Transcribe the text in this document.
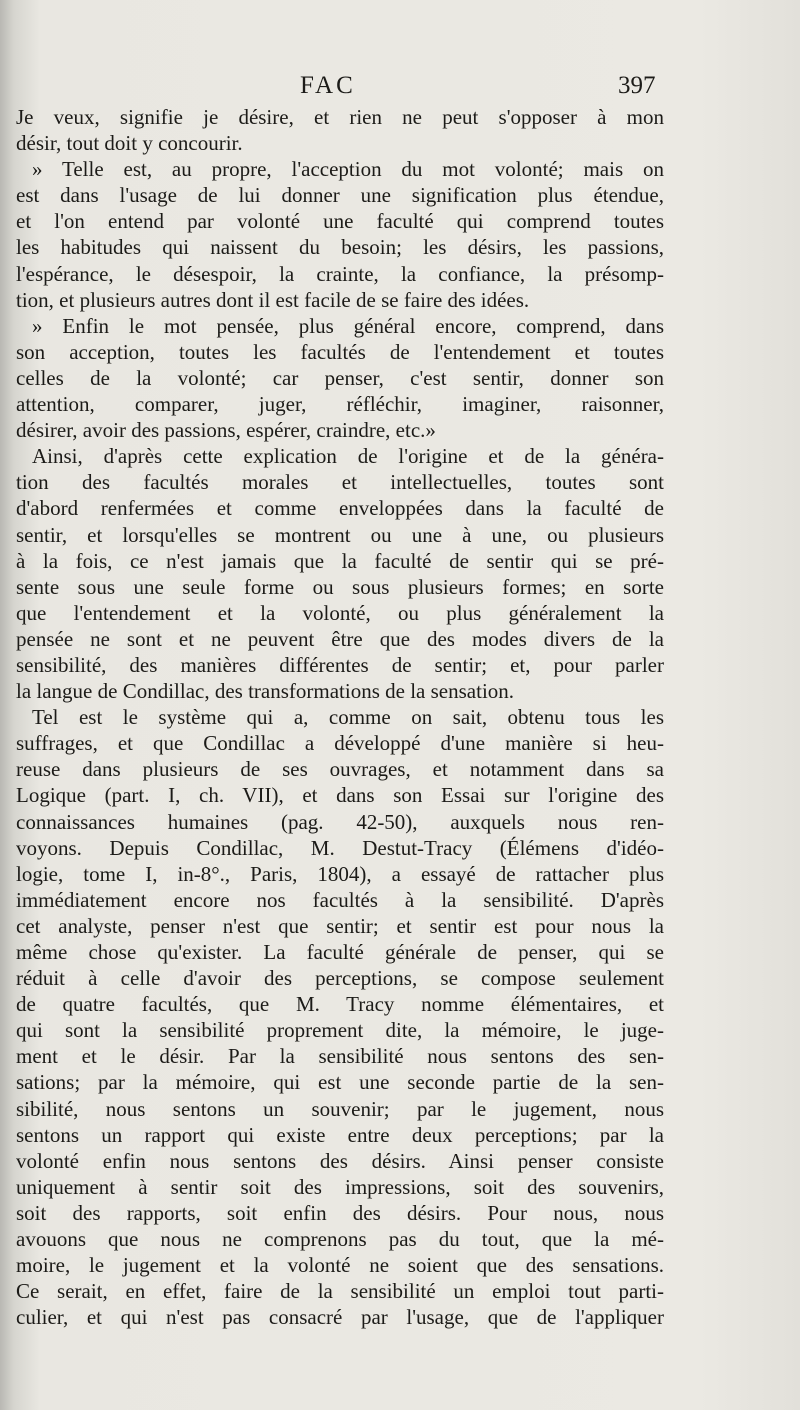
FAC	397
Je veux, signifie je désire, et rien ne peut s'opposer à mon
désir, tout doit y concourir.
» Telle est, au propre, l'acception du mot volonté; mais on
est dans l'usage de lui donner une signification plus étendue,
et l'on entend par volonté une faculté qui comprend toutes
les habitudes qui naissent du besoin; les désirs, les passions,
l'espérance, le désespoir, la crainte, la confiance, la présomp-
tion, et plusieurs autres dont il est facile de se faire des idées.
» Enfin le mot pensée, plus général encore, comprend, dans
son acception, toutes les facultés de l'entendement et toutes
celles de la volonté; car penser, c'est sentir, donner son
attention, comparer, juger, réfléchir, imaginer, raisonner,
désirer, avoir des passions, espérer, craindre, etc.»
Ainsi, d'après cette explication de l'origine et de la généra-
tion des facultés morales et intellectuelles, toutes sont
d'abord renfermées et comme enveloppées dans la faculté de
sentir, et lorsqu'elles se montrent ou une à une, ou plusieurs
à la fois, ce n'est jamais que la faculté de sentir qui se pré-
sente sous une seule forme ou sous plusieurs formes; en sorte
que l'entendement et la volonté, ou plus généralement la
pensée ne sont et ne peuvent être que des modes divers de la
sensibilité, des manières différentes de sentir; et, pour parler
la langue de Condillac, des transformations de la sensation.
Tel est le système qui a, comme on sait, obtenu tous les
suffrages, et que Condillac a développé d'une manière si heu-
reuse dans plusieurs de ses ouvrages, et notamment dans sa
Logique (part. I, ch. VII), et dans son Essai sur l'origine des
connaissances humaines (pag. 42-50), auxquels nous ren-
voyons. Depuis Condillac, M. Destut-Tracy (Élémens d'idéo-
logie, tome I, in-8°., Paris, 1804), a essayé de rattacher plus
immédiatement encore nos facultés à la sensibilité. D'après
cet analyste, penser n'est que sentir; et sentir est pour nous la
même chose qu'exister. La faculté générale de penser, qui se
réduit à celle d'avoir des perceptions, se compose seulement
de quatre facultés, que M. Tracy nomme élémentaires, et
qui sont la sensibilité proprement dite, la mémoire, le juge-
ment et le désir. Par la sensibilité nous sentons des sen-
sations; par la mémoire, qui est une seconde partie de la sen-
sibilité, nous sentons un souvenir; par le jugement, nous
sentons un rapport qui existe entre deux perceptions; par la
volonté enfin nous sentons des désirs. Ainsi penser consiste
uniquement à sentir soit des impressions, soit des souvenirs,
soit des rapports, soit enfin des désirs. Pour nous, nous
avouons que nous ne comprenons pas du tout, que la mé-
moire, le jugement et la volonté ne soient que des sensations.
Ce serait, en effet, faire de la sensibilité un emploi tout parti-
culier, et qui n'est pas consacré par l'usage, que de l'appliquer
